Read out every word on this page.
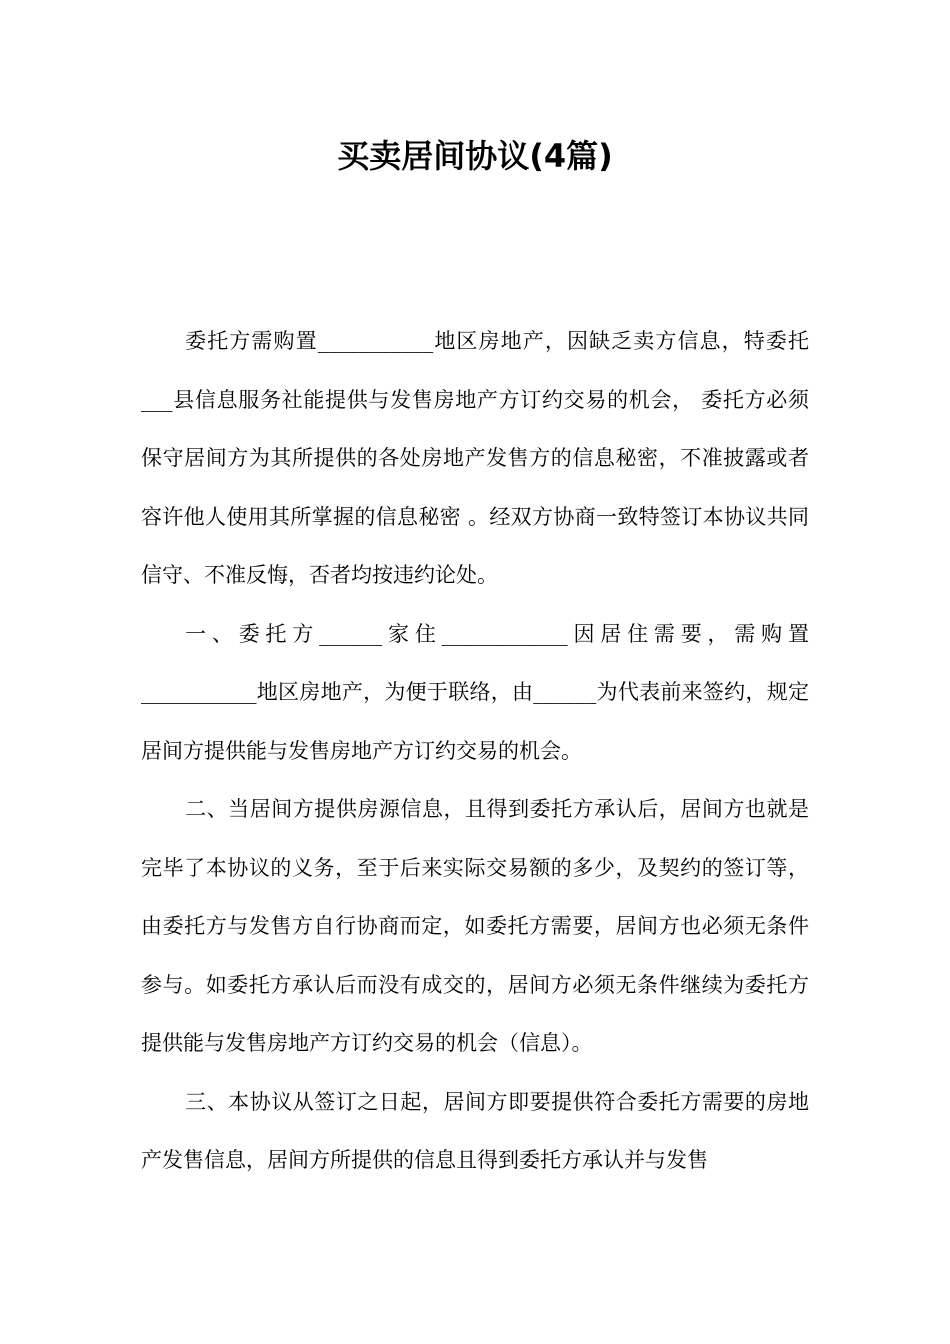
买卖居间协议(4篇)

委托方需购置___________地区房地产，因缺乏卖方信息，特委托___县信息服务社能提供与发售房地产方订约交易的机会， 委托方必须保守居间方为其所提供的各处房地产发售方的信息秘密，不准披露或者容许他人使用其所掌握的信息秘密 。经双方协商一致特签订本协议共同信守、不准反悔，否者均按违约论处。

一、委托方______家住____________因居住需要，需购置___________地区房地产，为便于联络，由______为代表前来签约，规定居间方提供能与发售房地产方订约交易的机会。

二、当居间方提供房源信息，且得到委托方承认后，居间方也就是完毕了本协议的义务，至于后来实际交易额的多少，及契约的签订等，由委托方与发售方自行协商而定，如委托方需要，居间方也必须无条件参与。如委托方承认后而没有成交的，居间方必须无条件继续为委托方提供能与发售房地产方订约交易的机会（信息）。

三、本协议从签订之日起，居间方即要提供符合委托方需要的房地产发售信息，居间方所提供的信息且得到委托方承认并与发售
